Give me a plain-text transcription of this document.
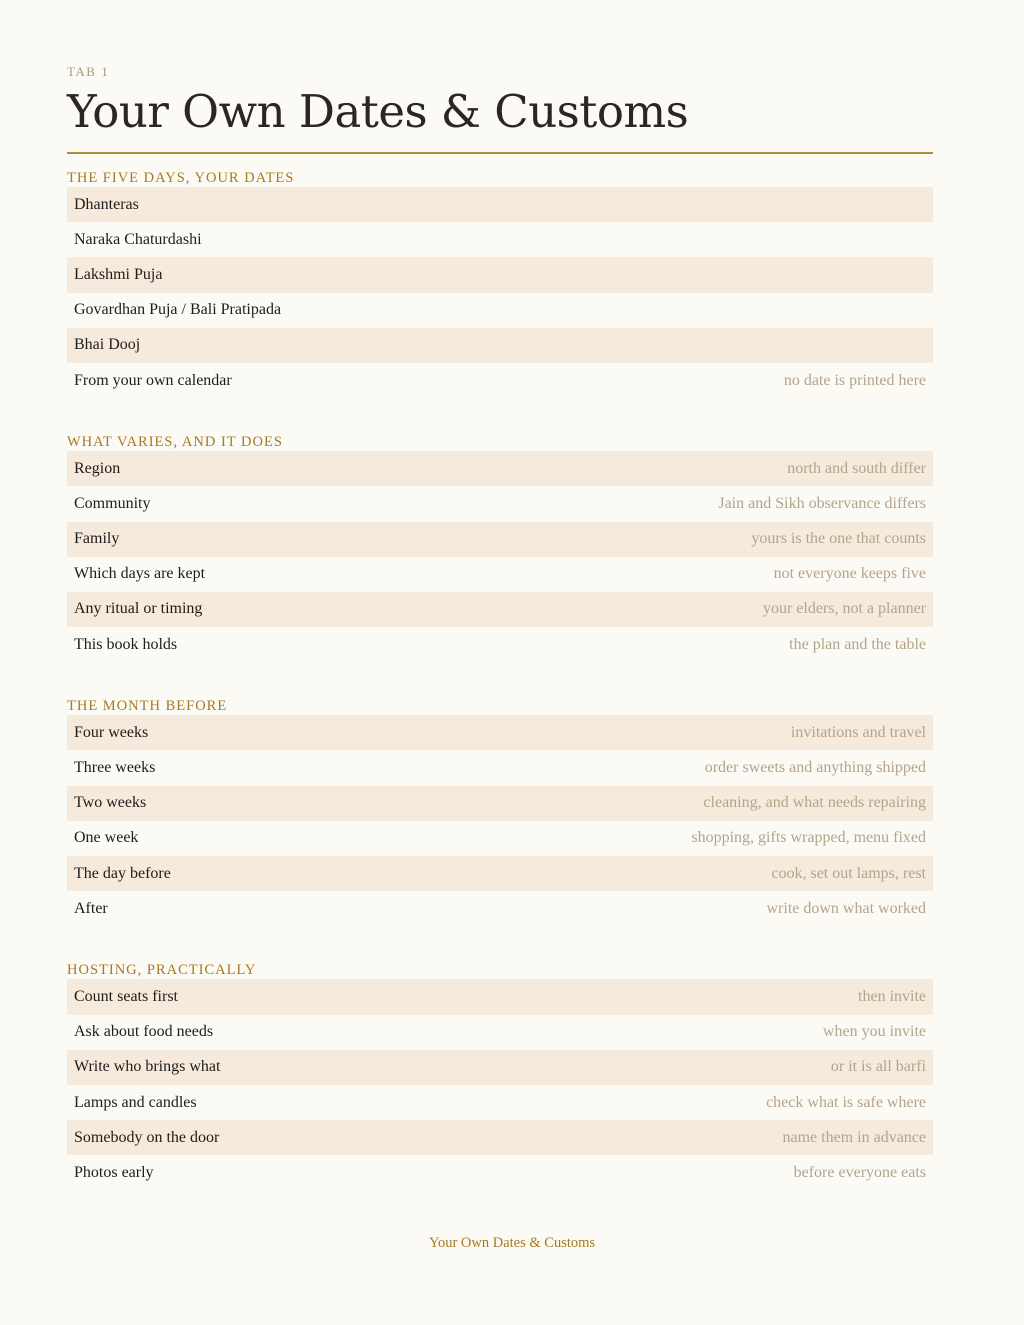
TAB 1
Your Own Dates & Customs
THE FIVE DAYS, YOUR DATES
Dhanteras
Naraka Chaturdashi
Lakshmi Puja
Govardhan Puja / Bali Pratipada
Bhai Dooj
From your own calendar	no date is printed here
WHAT VARIES, AND IT DOES
Region	north and south differ
Community	Jain and Sikh observance differs
Family	yours is the one that counts
Which days are kept	not everyone keeps five
Any ritual or timing	your elders, not a planner
This book holds	the plan and the table
THE MONTH BEFORE
Four weeks	invitations and travel
Three weeks	order sweets and anything shipped
Two weeks	cleaning, and what needs repairing
One week	shopping, gifts wrapped, menu fixed
The day before	cook, set out lamps, rest
After	write down what worked
HOSTING, PRACTICALLY
Count seats first	then invite
Ask about food needs	when you invite
Write who brings what	or it is all barfi
Lamps and candles	check what is safe where
Somebody on the door	name them in advance
Photos early	before everyone eats
Your Own Dates & Customs
